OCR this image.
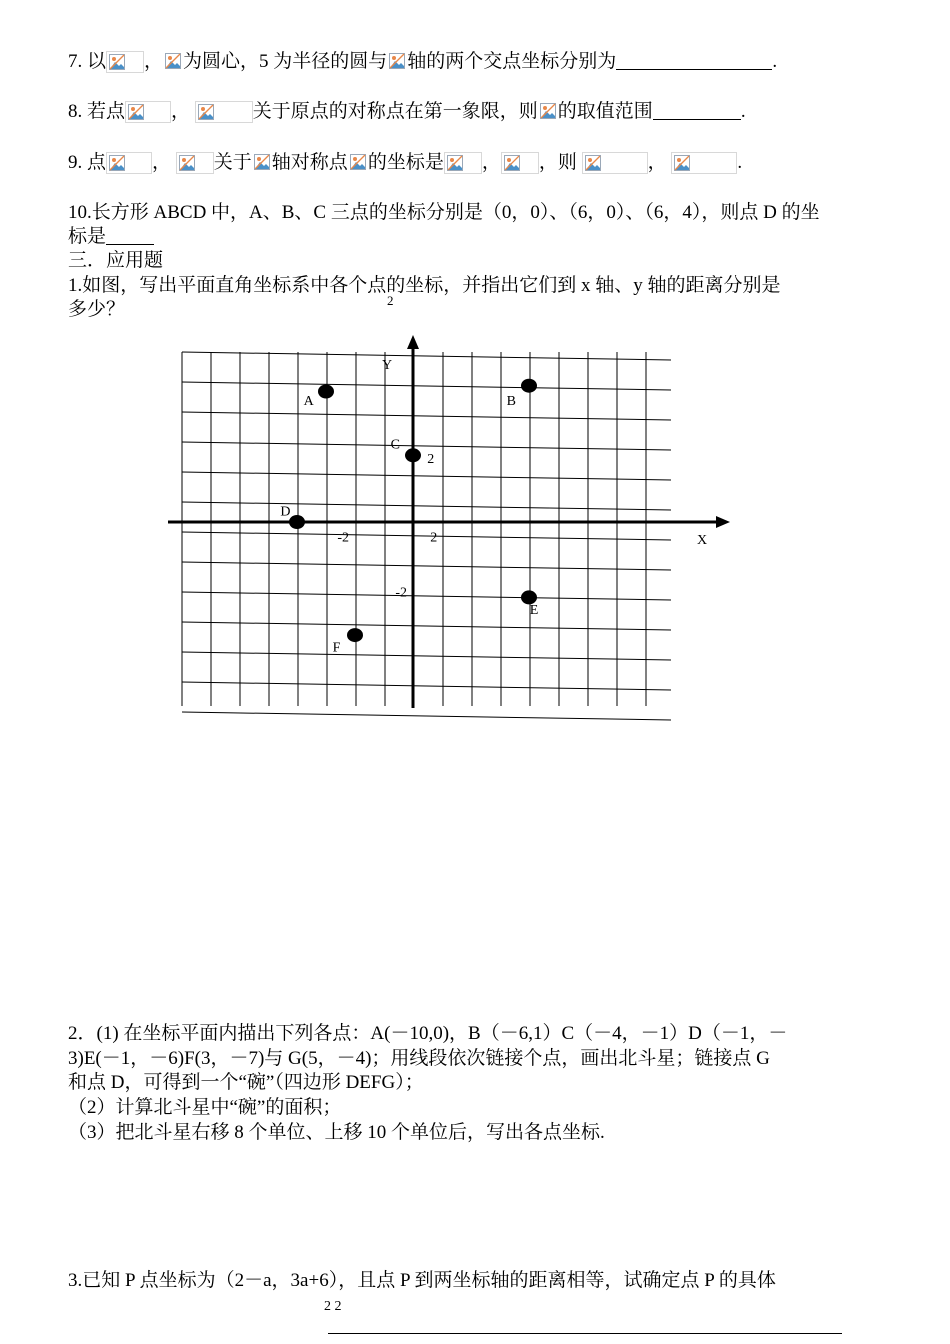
7. 以 ， 为圆心，5 为半径的圆与 轴的两个交点坐标分别为	.
8. 若点 ，	关于原点的对称点在第一象限，则 的取值范围	.
9. 点 ， 关于 轴对称点 的坐标是 ， ，则	，	.
10.长方形 ABCD 中，A、B、C 三点的坐标分别是（0，0）、（6，0）、（6，4），则点 D 的坐
标是
三．应用题
1.如图，写出平面直角坐标系中各个点的坐标，并指出它们到 x 轴、y 轴的距离分别是
2
多少？
X
Y
2
-2	2
-2
A	B
C
D
E
F
2．(1) 在坐标平面内描出下列各点：A(－10,0)，B（－6,1）C（－4，－1）D（－1，－
3)E(－1，－6)F(3，－7)与 G(5，－4)；用线段依次链接个点，画出北斗星；链接点 G
和点 D，可得到一个“碗”（四边形 DEFG）；
（2）计算北斗星中“碗”的面积；
（3）把北斗星右移 8 个单位、上移 10 个单位后，写出各点坐标.
3.已知 P 点坐标为（2－a，3a+6），且点 P 到两坐标轴的距离相等，试确定点 P 的具体
2 2
